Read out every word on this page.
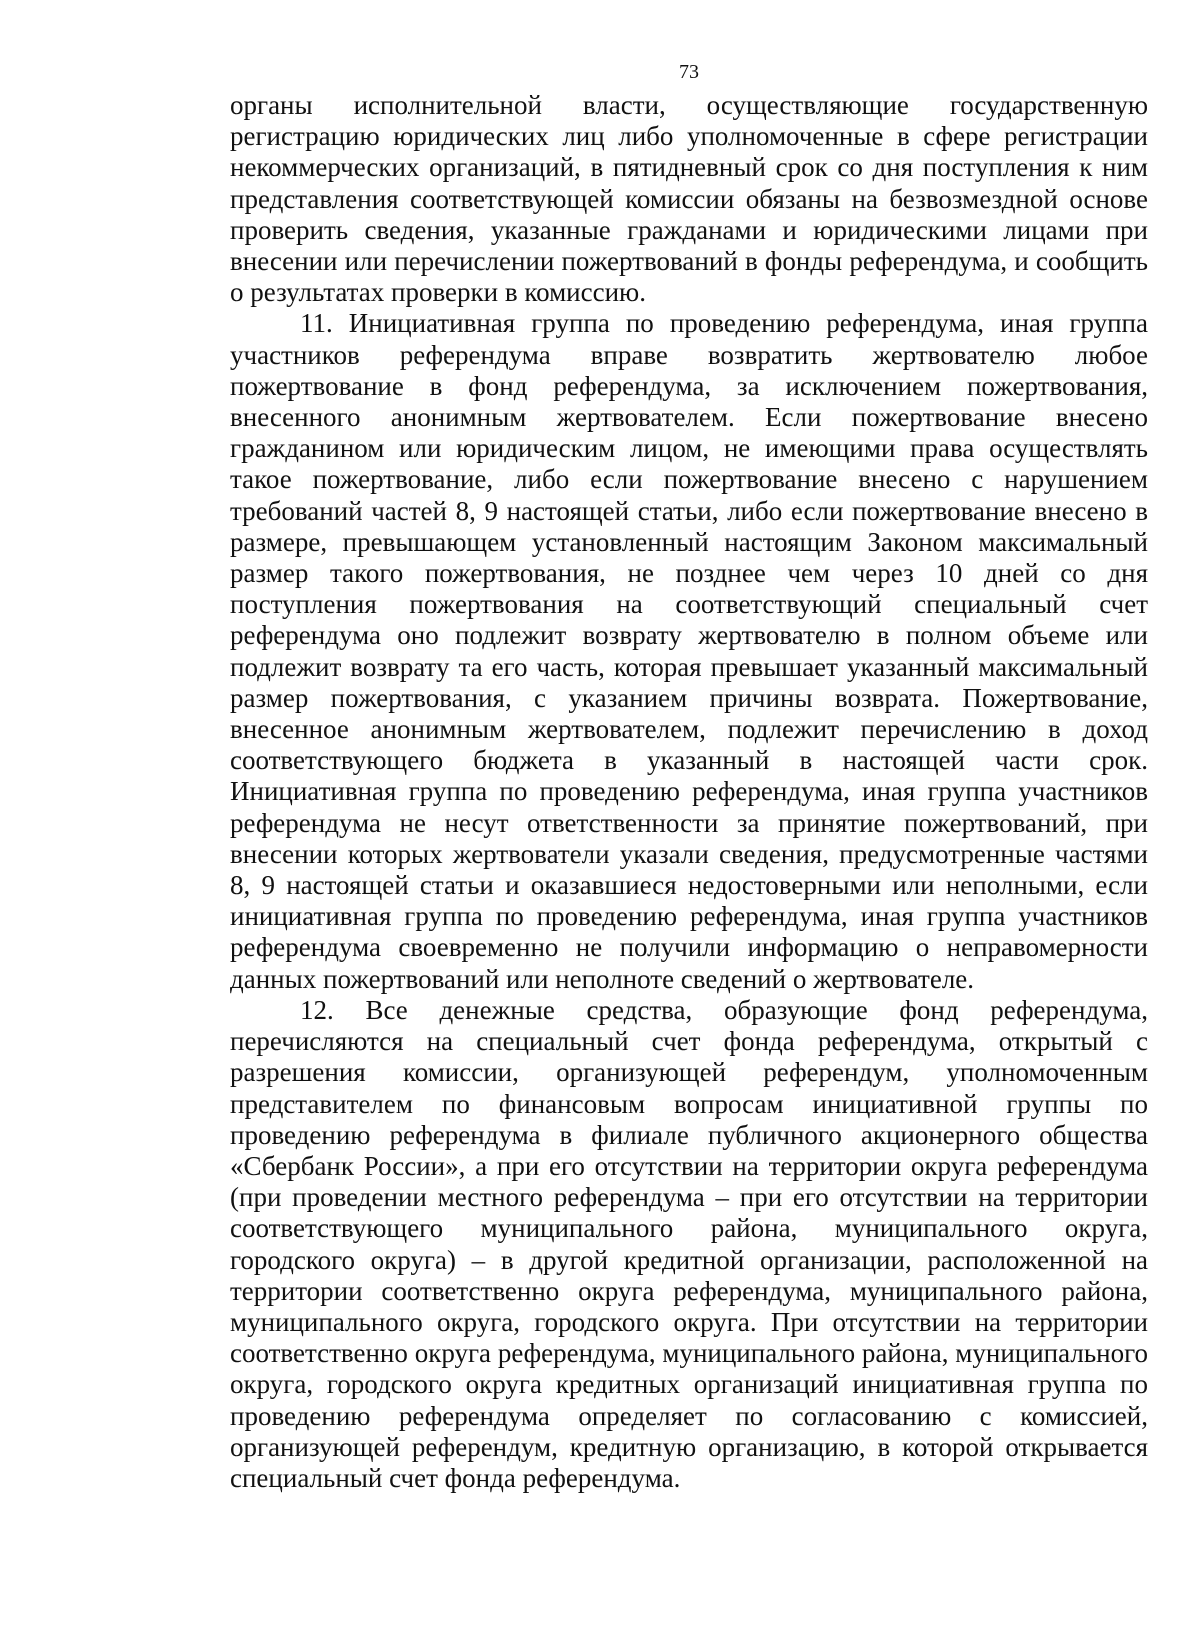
73

органы исполнительной власти, осуществляющие государственную регистрацию юридических лиц либо уполномоченные в сфере регистрации некоммерческих организаций, в пятидневный срок со дня поступления к ним представления соответствующей комиссии обязаны на безвозмездной основе проверить сведения, указанные гражданами и юридическими лицами при внесении или перечислении пожертвований в фонды референдума, и сообщить о результатах проверки в комиссию.

11. Инициативная группа по проведению референдума, иная группа участников референдума вправе возвратить жертвователю любое пожертвование в фонд референдума, за исключением пожертвования, внесенного анонимным жертвователем. Если пожертвование внесено гражданином или юридическим лицом, не имеющими права осуществлять такое пожертвование, либо если пожертвование внесено с нарушением требований частей 8, 9 настоящей статьи, либо если пожертвование внесено в размере, превышающем установленный настоящим Законом максимальный размер такого пожертвования, не позднее чем через 10 дней со дня поступления пожертвования на соответствующий специальный счет референдума оно подлежит возврату жертвователю в полном объеме или подлежит возврату та его часть, которая превышает указанный максимальный размер пожертвования, с указанием причины возврата. Пожертвование, внесенное анонимным жертвователем, подлежит перечислению в доход соответствующего бюджета в указанный в настоящей части срок. Инициативная группа по проведению референдума, иная группа участников референдума не несут ответственности за принятие пожертвований, при внесении которых жертвователи указали сведения, предусмотренные частями 8, 9 настоящей статьи и оказавшиеся недостоверными или неполными, если инициативная группа по проведению референдума, иная группа участников референдума своевременно не получили информацию о неправомерности данных пожертвований или неполноте сведений о жертвователе.

12. Все денежные средства, образующие фонд референдума, перечисляются на специальный счет фонда референдума, открытый с разрешения комиссии, организующей референдум, уполномоченным представителем по финансовым вопросам инициативной группы по проведению референдума в филиале публичного акционерного общества «Сбербанк России», а при его отсутствии на территории округа референдума (при проведении местного референдума – при его отсутствии на территории соответствующего муниципального района, муниципального округа, городского округа) – в другой кредитной организации, расположенной на территории соответственно округа референдума, муниципального района, муниципального округа, городского округа. При отсутствии на территории соответственно округа референдума, муниципального района, муниципального округа, городского округа кредитных организаций инициативная группа по проведению референдума определяет по согласованию с комиссией, организующей референдум, кредитную организацию, в которой открывается специальный счет фонда референдума.
